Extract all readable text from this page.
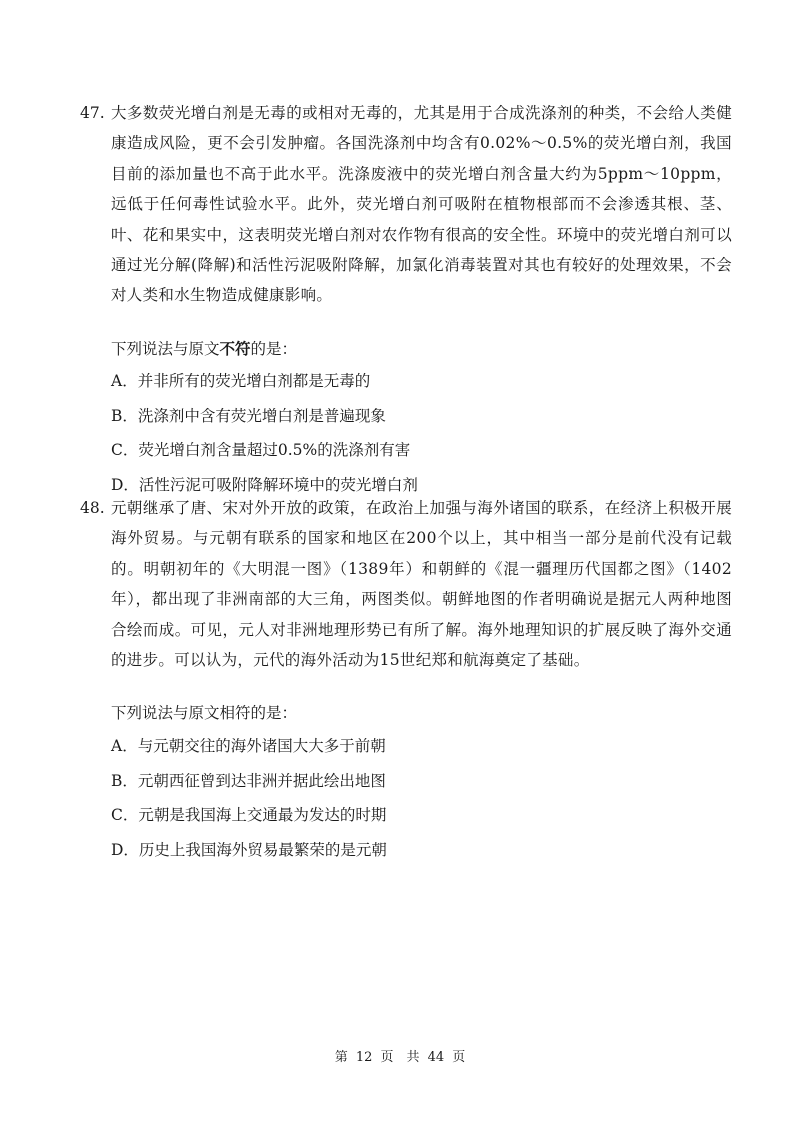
47. 大多数荧光增白剂是无毒的或相对无毒的，尤其是用于合成洗涤剂的种类，不会给人类健康造成风险，更不会引发肿瘤。各国洗涤剂中均含有0.02%～0.5%的荧光增白剂，我国目前的添加量也不高于此水平。洗涤废液中的荧光增白剂含量大约为5ppm～10ppm，远低于任何毒性试验水平。此外，荧光增白剂可吸附在植物根部而不会渗透其根、茎、叶、花和果实中，这表明荧光增白剂对农作物有很高的安全性。环境中的荧光增白剂可以通过光分解(降解)和活性污泥吸附降解，加氯化消毒装置对其也有较好的处理效果，不会对人类和水生物造成健康影响。
下列说法与原文不符的是：
A．并非所有的荧光增白剂都是无毒的
B．洗涤剂中含有荧光增白剂是普遍现象
C．荧光增白剂含量超过0.5%的洗涤剂有害
D．活性污泥可吸附降解环境中的荧光增白剂
48. 元朝继承了唐、宋对外开放的政策，在政治上加强与海外诸国的联系，在经济上积极开展海外贸易。与元朝有联系的国家和地区在200个以上，其中相当一部分是前代没有记载的。明朝初年的《大明混一图》（1389年）和朝鲜的《混一疆理历代国都之图》（1402年），都出现了非洲南部的大三角，两图类似。朝鲜地图的作者明确说是据元人两种地图合绘而成。可见，元人对非洲地理形势已有所了解。海外地理知识的扩展反映了海外交通的进步。可以认为，元代的海外活动为15世纪郑和航海奠定了基础。
下列说法与原文相符的是：
A．与元朝交往的海外诸国大大多于前朝
B．元朝西征曾到达非洲并据此绘出地图
C．元朝是我国海上交通最为发达的时期
D．历史上我国海外贸易最繁荣的是元朝
第 12 页　共 44 页
